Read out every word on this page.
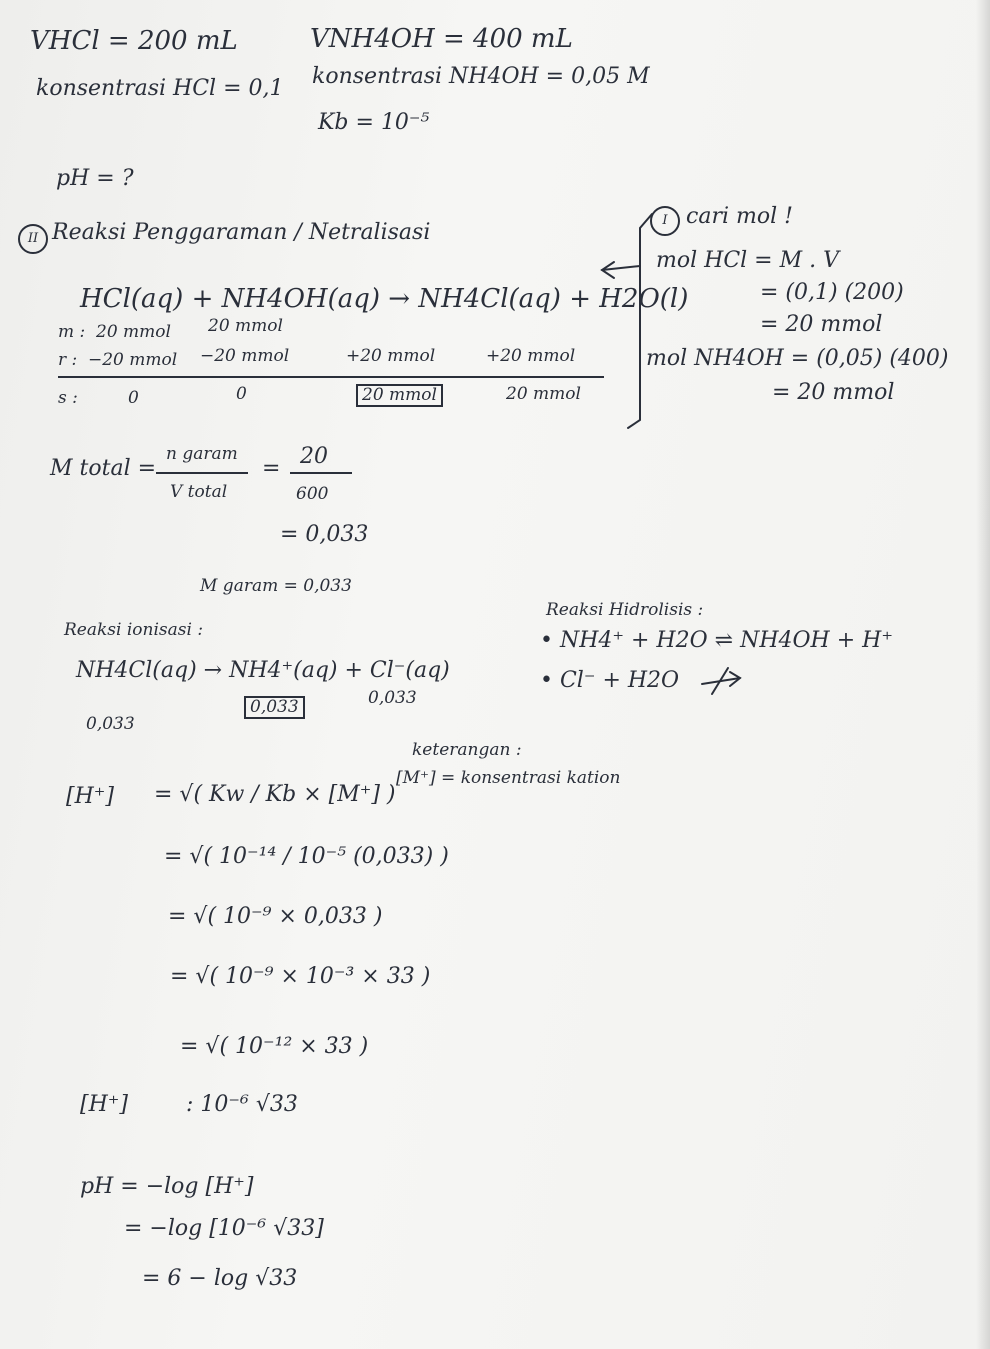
VHCl = 200 mL	VNH4OH = 400 mL
konsentrasi HCl = 0,1 konsentrasi NH4OH = 0,05 M
Kb = 10⁻⁵
pH = ?
II Reaksi Penggaraman / Netralisasi
HCl(aq) + NH4OH(aq) → NH4Cl(aq) + H2O(l)
m : 20 mmol 20 mmol
r : −20 mmol −20 mmol	+20 mmol	+20 mmol
s :	0	0	20 mmol	20 mmol
I cari mol !
mol HCl = M . V
= (0,1) (200)
= 20 mmol
mol NH4OH = (0,05) (400)
= 20 mmol
M total =
n garam
V total
= 20
600
= 0,033
M garam = 0,033
Reaksi ionisasi :
NH4Cl(aq) → NH4⁺(aq) + Cl⁻(aq)
0,033
0,033	0,033
Reaksi Hidrolisis :
• NH4⁺ + H2O ⇌ NH4OH + H⁺
• Cl⁻ + H2O
keterangan :
[M⁺] = konsentrasi kation
[H⁺] = √( Kw / Kb × [M⁺] )
= √( 10⁻¹⁴ / 10⁻⁵ (0,033) )
= √( 10⁻⁹ × 0,033 )
= √( 10⁻⁹ × 10⁻³ × 33 )
= √( 10⁻¹² × 33 )
[H⁺]	: 10⁻⁶ √33
pH = −log [H⁺]
= −log [10⁻⁶ √33]
= 6 − log √33
